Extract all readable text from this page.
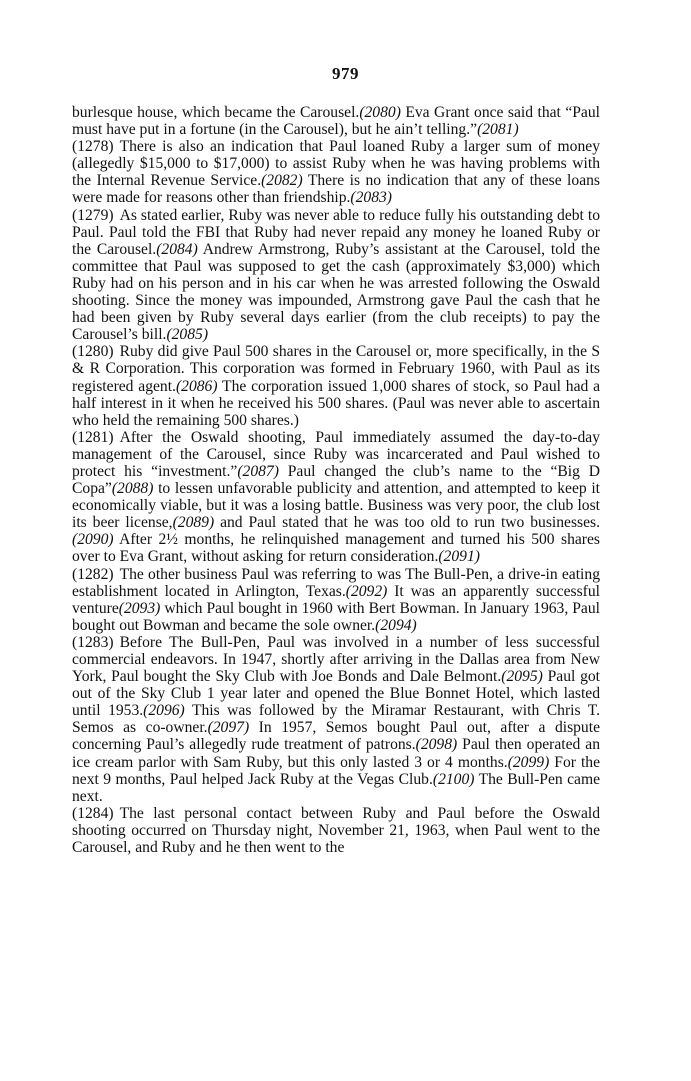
979

burlesque house, which became the Carousel.(2080) Eva Grant once said that “Paul must have put in a fortune (in the Carousel), but he ain’t telling.”(2081)

(1278) There is also an indication that Paul loaned Ruby a larger sum of money (allegedly $15,000 to $17,000) to assist Ruby when he was having problems with the Internal Revenue Service.(2082) There is no indication that any of these loans were made for reasons other than friendship.(2083)

(1279) As stated earlier, Ruby was never able to reduce fully his outstanding debt to Paul. Paul told the FBI that Ruby had never repaid any money he loaned Ruby or the Carousel.(2084) Andrew Armstrong, Ruby’s assistant at the Carousel, told the committee that Paul was supposed to get the cash (approximately $3,000) which Ruby had on his person and in his car when he was arrested following the Oswald shooting. Since the money was impounded, Armstrong gave Paul the cash that he had been given by Ruby several days earlier (from the club receipts) to pay the Carousel’s bill.(2085)

(1280) Ruby did give Paul 500 shares in the Carousel or, more specifically, in the S & R Corporation. This corporation was formed in February 1960, with Paul as its registered agent.(2086) The corporation issued 1,000 shares of stock, so Paul had a half interest in it when he received his 500 shares. (Paul was never able to ascertain who held the remaining 500 shares.)

(1281) After the Oswald shooting, Paul immediately assumed the day-to-day management of the Carousel, since Ruby was incarcerated and Paul wished to protect his “investment.”(2087) Paul changed the club’s name to the “Big D Copa”(2088) to lessen unfavorable publicity and attention, and attempted to keep it economically viable, but it was a losing battle. Business was very poor, the club lost its beer license,(2089) and Paul stated that he was too old to run two businesses. (2090) After 2½ months, he relinquished management and turned his 500 shares over to Eva Grant, without asking for return consideration.(2091)

(1282) The other business Paul was referring to was The Bull-Pen, a drive-in eating establishment located in Arlington, Texas.(2092) It was an apparently successful venture(2093) which Paul bought in 1960 with Bert Bowman. In January 1963, Paul bought out Bowman and became the sole owner.(2094)

(1283) Before The Bull-Pen, Paul was involved in a number of less successful commercial endeavors. In 1947, shortly after arriving in the Dallas area from New York, Paul bought the Sky Club with Joe Bonds and Dale Belmont.(2095) Paul got out of the Sky Club 1 year later and opened the Blue Bonnet Hotel, which lasted until 1953.(2096) This was followed by the Miramar Restaurant, with Chris T. Semos as co-owner.(2097) In 1957, Semos bought Paul out, after a dispute concerning Paul’s allegedly rude treatment of patrons.(2098) Paul then operated an ice cream parlor with Sam Ruby, but this only lasted 3 or 4 months.(2099) For the next 9 months, Paul helped Jack Ruby at the Vegas Club.(2100) The Bull-Pen came next.

(1284) The last personal contact between Ruby and Paul before the Oswald shooting occurred on Thursday night, November 21, 1963, when Paul went to the Carousel, and Ruby and he then went to the
